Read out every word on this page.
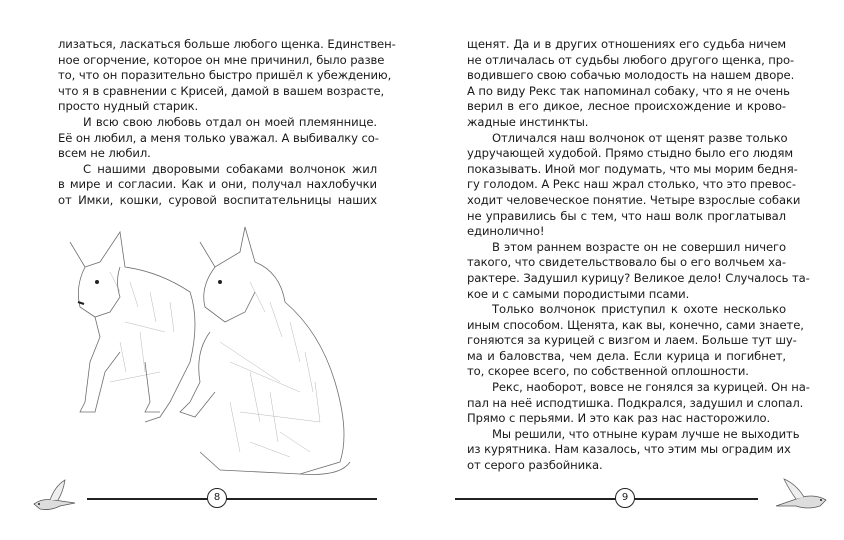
лизаться, ласкаться больше любого щенка. Единствен-
ное огорчение, которое он мне причинил, было разве
то, что он поразительно быстро пришёл к убеждению,
что я в сравнении с Крисей, дамой в вашем возрасте,
просто нудный старик.
И всю свою любовь отдал он моей племяннице.
Её он любил, а меня только уважал. А выбивалку со-
всем не любил.
С нашими дворовыми собаками волчонок жил
в мире и согласии. Как и они, получал нахлобучки
от Имки, кошки, суровой воспитательницы наших
8	9
щенят. Да и в других отношениях его судьба ничем
не отличалась от судьбы любого другого щенка, про-
водившего свою собачью молодость на нашем дворе.
А по виду Рекс так напоминал собаку, что я не очень
верил в его дикое, лесное происхождение и крово-
жадные инстинкты.
Отличался наш волчонок от щенят разве только
удручающей худобой. Прямо стыдно было его людям
показывать. Иной мог подумать, что мы морим бедня-
гу голодом. А Рекс наш жрал столько, что это превос-
ходит человеческое понятие. Четыре взрослые собаки
не управились бы с тем, что наш волк проглатывал
единолично!
В этом раннем возрасте он не совершил ничего
такого, что свидетельствовало бы о его волчьем ха-
рактере. Задушил курицу? Великое дело! Случалось та-
кое и с самыми породистыми псами.
Только волчонок приступил к охоте несколько
иным способом. Щенята, как вы, конечно, сами знаете,
гоняются за курицей с визгом и лаем. Больше тут шу-
ма и баловства, чем дела. Если курица и погибнет,
то, скорее всего, по собственной оплошности.
Рекс, наоборот, вовсе не гонялся за курицей. Он на-
пал на неё исподтишка. Подкрался, задушил и слопал.
Прямо с перьями. И это как раз нас насторожило.
Мы решили, что отныне курам лучше не выходить
из курятника. Нам казалось, что этим мы оградим их
от серого разбойника.
